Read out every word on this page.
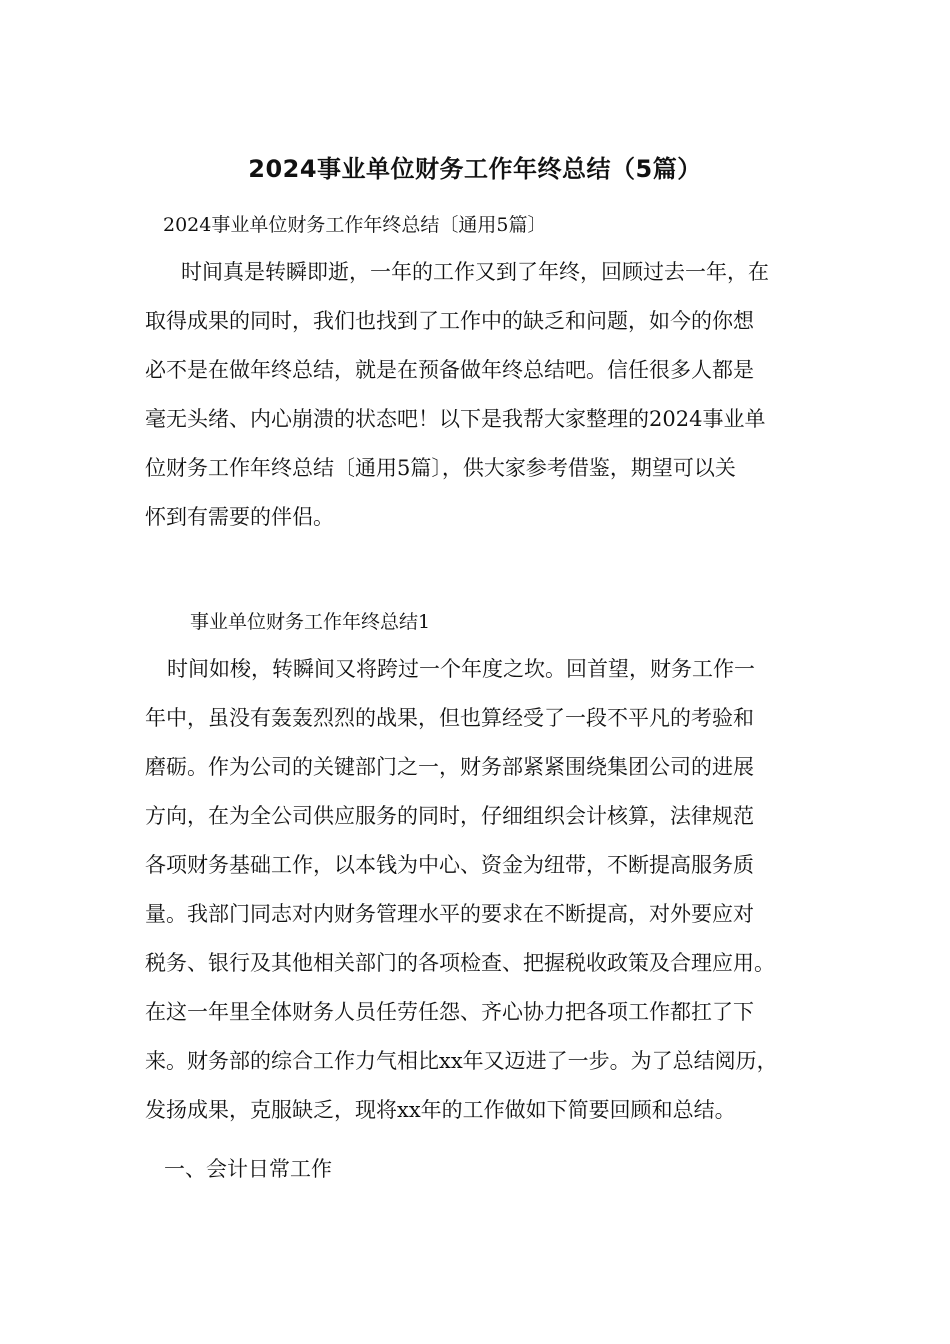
2024事业单位财务工作年终总结（5篇）
2024事业单位财务工作年终总结〔通用5篇〕
时间真是转瞬即逝，一年的工作又到了年终，回顾过去一年，在
取得成果的同时，我们也找到了工作中的缺乏和问题，如今的你想
必不是在做年终总结，就是在预备做年终总结吧。信任很多人都是
毫无头绪、内心崩溃的状态吧！以下是我帮大家整理的2024事业单
位财务工作年终总结〔通用5篇〕，供大家参考借鉴，期望可以关
怀到有需要的伴侣。
事业单位财务工作年终总结1
时间如梭，转瞬间又将跨过一个年度之坎。回首望，财务工作一
年中，虽没有轰轰烈烈的战果，但也算经受了一段不平凡的考验和
磨砺。作为公司的关键部门之一，财务部紧紧围绕集团公司的进展
方向，在为全公司供应服务的同时，仔细组织会计核算，法律规范
各项财务基础工作，以本钱为中心、资金为纽带，不断提高服务质
量。我部门同志对内财务管理水平的要求在不断提高，对外要应对
税务、银行及其他相关部门的各项检查、把握税收政策及合理应用。
在这一年里全体财务人员任劳任怨、齐心协力把各项工作都扛了下
来。财务部的综合工作力气相比xx年又迈进了一步。为了总结阅历，
发扬成果，克服缺乏，现将xx年的工作做如下简要回顾和总结。
一、会计日常工作
